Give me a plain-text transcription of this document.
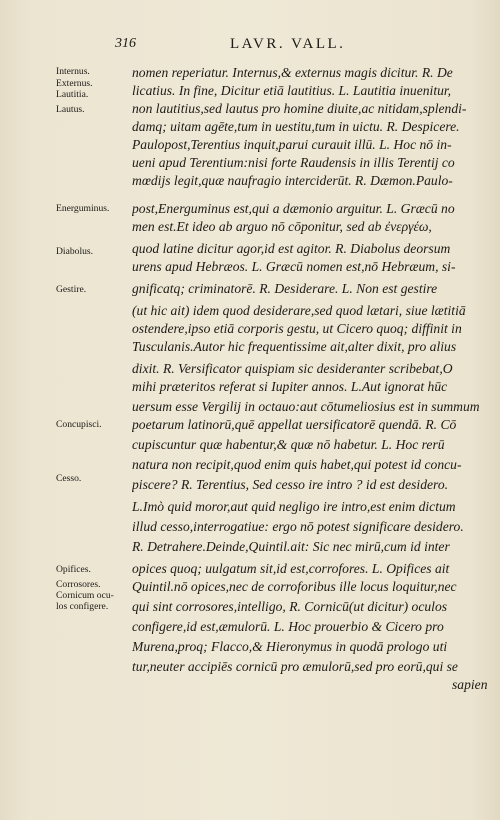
316	LAVR. VALL.
Internus.
Externus.
Lautitia.
Lautus.
Energuminus.
Diabolus.
Gestire.
Concupisci.
Cesso.
Opifices.
Corrosores.
Cornicum ocu-
los configere.
nomen reperiatur. Internus,& externus magis dicitur. R. De
licatius. In fine, Dicitur etiā lautitius. L. Lautitia inuenitur,
non lautitius,sed lautus pro homine diuite,ac nitidam,splendi-
damq; uitam agēte,tum in uestitu,tum in uictu. R. Despicere.
Paulopost,Terentius inquit,parui curauit illū. L. Hoc nō in-
ueni apud Terentium:nisi forte Raudensis in illis Terentij co
mœdijs legit,quæ naufragio interciderūt. R. Dæmon.Paulo-
post,Energuminus est,qui a dæmonio arguitur. L. Græcū no
men est.Et ideo ab arguo nō cōponitur, sed ab ἐνεργέω,
quod latine dicitur agor,id est agitor. R. Diabolus deorsum
urens apud Hebræos. L. Græcū nomen est,nō Hebræum, si-
gnificatq; criminatorē. R. Desiderare. L. Non est gestire
(ut hic ait) idem quod desiderare,sed quod lætari, siue lætitiā
ostendere,ipso etiā corporis gestu, ut Cicero quoq; diffinit in
Tusculanis.Autor hic frequentissime ait,alter dixit, pro alius
dixit. R. Versificator quispiam sic desideranter scribebat,O
mihi præteritos referat si Iupiter annos. L.Aut ignorat hūc
uersum esse Vergilij in octauo:aut cōtumeliosius est in summum
poetarum latinorū,quē appellat uersificatorē quendā. R. Cō
cupiscuntur quæ habentur,& quæ nō habetur. L. Hoc rerū
natura non recipit,quod enim quis habet,qui potest id concu-
piscere? R. Terentius, Sed cesso ire intro ? id est desidero.
L.Imò quid moror,aut quid negligo ire intro,est enim dictum
illud cesso,interrogatiue: ergo nō potest significare desidero.
R. Detrahere.Deinde,Quintil.ait: Sic nec mirū,cum id inter
opices quoq; uulgatum sit,id est,corrofores. L. Opifices ait
Quintil.nō opices,nec de corroforibus ille locus loquitur,nec
qui sint corrosores,intelligo, R. Cornicū(ut dicitur) oculos
configere,id est,æmulorū. L. Hoc prouerbio & Cicero pro
Murena,proq; Flacco,& Hieronymus in quodā prologo uti
tur,neuter accipiēs cornicū pro æmulorū,sed pro eorū,qui se
sapien
